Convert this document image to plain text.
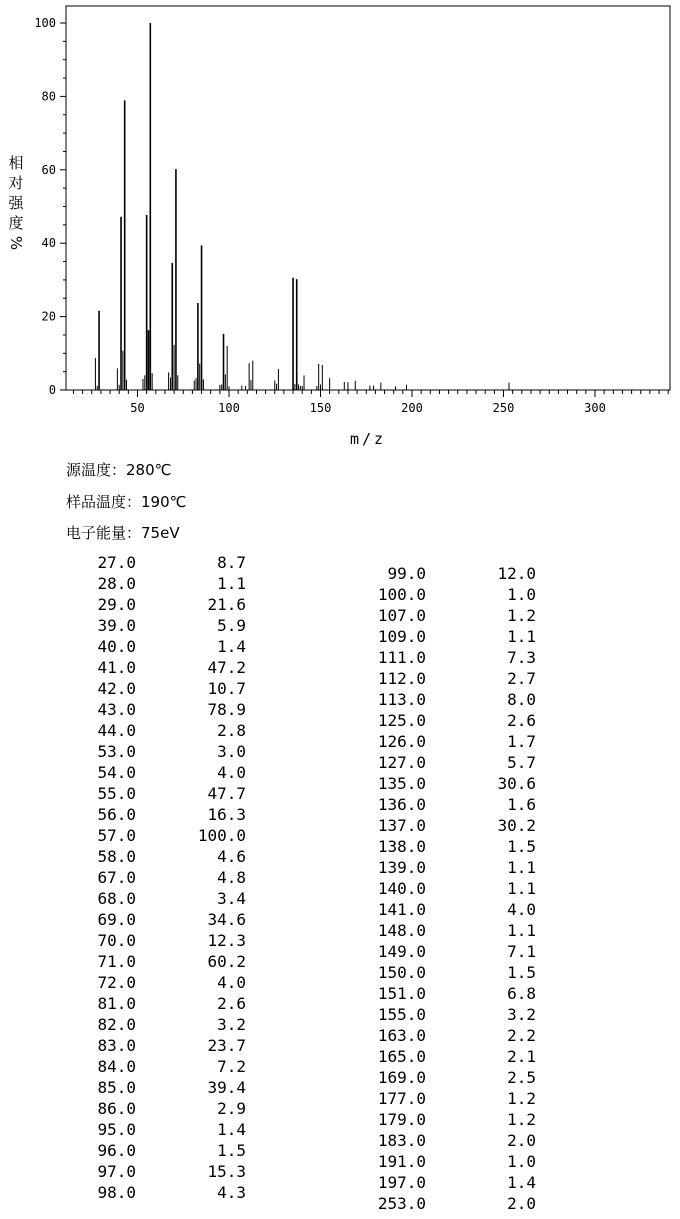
50	100	150	200	250	300
0
20
40
60
80
100
m/z
相
对
强
度
%
源温度：280℃
样品温度：190℃
电子能量：75eV
27.0	8.7
28.0	1.1
29.0	21.6
39.0	5.9
40.0	1.4
41.0	47.2
42.0	10.7
43.0	78.9
44.0	2.8
53.0	3.0
54.0	4.0
55.0	47.7
56.0	16.3
57.0	100.0
58.0	4.6
67.0	4.8
68.0	3.4
69.0	34.6
70.0	12.3
71.0	60.2
72.0	4.0
81.0	2.6
82.0	3.2
83.0	23.7
84.0	7.2
85.0	39.4
86.0	2.9
95.0	1.4
96.0	1.5
97.0	15.3
98.0	4.3
99.0	12.0
100.0	1.0
107.0	1.2
109.0	1.1
111.0	7.3
112.0	2.7
113.0	8.0
125.0	2.6
126.0	1.7
127.0	5.7
135.0	30.6
136.0	1.6
137.0	30.2
138.0	1.5
139.0	1.1
140.0	1.1
141.0	4.0
148.0	1.1
149.0	7.1
150.0	1.5
151.0	6.8
155.0	3.2
163.0	2.2
165.0	2.1
169.0	2.5
177.0	1.2
179.0	1.2
183.0	2.0
191.0	1.0
197.0	1.4
253.0	2.0
